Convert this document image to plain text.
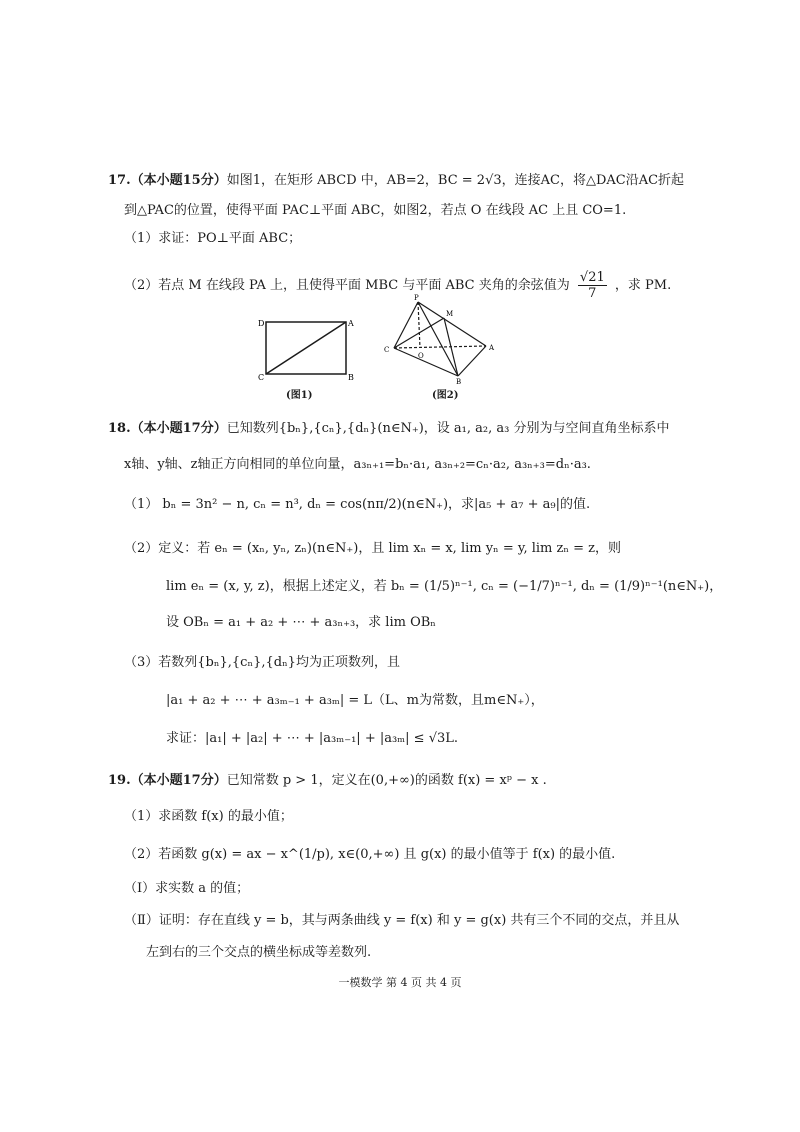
17.（本小题15分）如图1，在矩形 ABCD 中，AB=2，BC = 2√3，连接AC，将△DAC沿AC折起
到△PAC的位置，使得平面 PAC⊥平面 ABC，如图2，若点 O 在线段 AC 上且 CO=1.
（1）求证：PO⊥平面 ABC；
（2）若点 M 在线段 PA 上，且使得平面 MBC 与平面 ABC 夹角的余弦值为 $\frac{√21}{7}$ ，求 PM.
D	A
C	B
(图1)
P
M
C
O
A
B
(图2)
18.（本小题17分）已知数列{bₙ},{cₙ},{dₙ}(n∈N₊)，设 a₁, a₂, a₃ 分别为与空间直角坐标系中
x轴、y轴、z轴正方向相同的单位向量，a₃ₙ₊₁=bₙ·a₁, a₃ₙ₊₂=cₙ·a₂, a₃ₙ₊₃=dₙ·a₃.
（1） bₙ = 3n² − n, cₙ = n³, dₙ = cos(nπ/2)(n∈N₊)，求|a₅ + a₇ + a₉|的值.
（2）定义：若 eₙ = (xₙ, yₙ, zₙ)(n∈N₊)，且 lim xₙ = x, lim yₙ = y, lim zₙ = z，则
lim eₙ = (x, y, z)，根据上述定义，若 bₙ = (1/5)ⁿ⁻¹, cₙ = (−1/7)ⁿ⁻¹, dₙ = (1/9)ⁿ⁻¹(n∈N₊)，
设 OBₙ = a₁ + a₂ + ⋯ + a₃ₙ₊₃，求 lim OBₙ
（3）若数列{bₙ},{cₙ},{dₙ}均为正项数列，且
|a₁ + a₂ + ⋯ + a₃ₘ₋₁ + a₃ₘ| = L（L、m为常数，且m∈N₊），
求证：|a₁| + |a₂| + ⋯ + |a₃ₘ₋₁| + |a₃ₘ| ≤ √3L.
19.（本小题17分）已知常数 p > 1，定义在(0,+∞)的函数 f(x) = xᵖ − x .
（1）求函数 f(x) 的最小值；
（2）若函数 g(x) = ax − x^(1/p), x∈(0,+∞) 且 g(x) 的最小值等于 f(x) 的最小值.
（Ⅰ）求实数 a 的值；
（Ⅱ）证明：存在直线 y = b，其与两条曲线 y = f(x) 和 y = g(x) 共有三个不同的交点，并且从
左到右的三个交点的横坐标成等差数列.
一模数学 第 4 页 共 4 页
